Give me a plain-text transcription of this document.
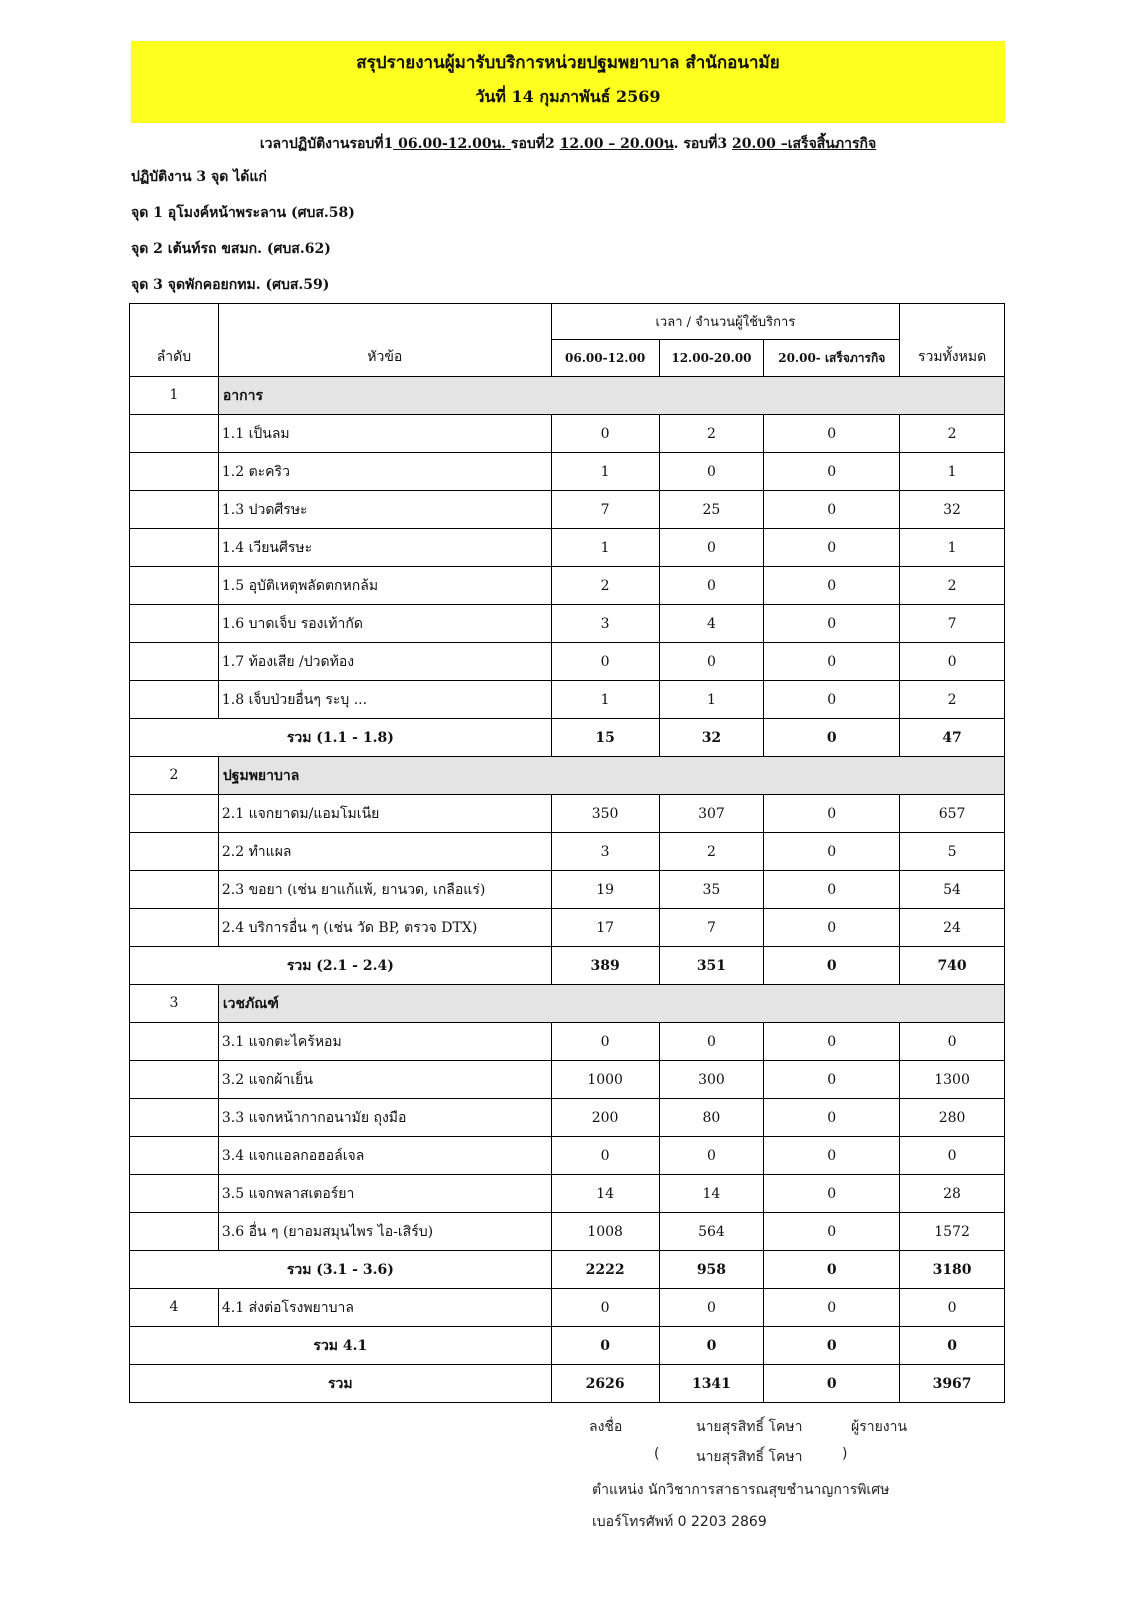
สรุปรายงานผู้มารับบริการหน่วยปฐมพยาบาล สำนักอนามัย
วันที่ 14 กุมภาพันธ์ 2569
เวลาปฏิบัติงานรอบที่1 06.00-12.00น. รอบที่2 12.00 – 20.00น. รอบที่3 20.00 –เสร็จสิ้นภารกิจ
ปฏิบัติงาน 3 จุด ได้แก่
จุด 1 อุโมงค์หน้าพระลาน (ศบส.58)
จุด 2 เต้นท์รถ ขสมก. (ศบส.62)
จุด 3 จุดพักคอยกทม. (ศบส.59)
ลำดับ	หัวข้อ	เวลา / จำนวนผู้ใช้บริการ			รวมทั้งหมด
		06.00-12.00	12.00-20.00	20.00- เสร็จภารกิจ	
1	อาการ				
	1.1 เป็นลม	0	2	0	2
	1.2 ตะคริว	1	0	0	1
	1.3 ปวดศีรษะ	7	25	0	32
	1.4 เวียนศีรษะ	1	0	0	1
	1.5 อุบัติเหตุพลัดตกหกล้ม	2	0	0	2
	1.6 บาดเจ็บ รองเท้ากัด	3	4	0	7
	1.7 ท้องเสีย /ปวดท้อง	0	0	0	0
	1.8 เจ็บป่วยอื่นๆ ระบุ ...	1	1	0	2
รวม (1.1 - 1.8)		15	32	0	47
2	ปฐมพยาบาล				
	2.1 แจกยาดม/แอมโมเนีย	350	307	0	657
	2.2 ทำแผล	3	2	0	5
	2.3 ขอยา (เช่น ยาแก้แพ้, ยานวด, เกลือแร่)	19	35	0	54
	2.4 บริการอื่น ๆ (เช่น วัด BP, ตรวจ DTX)	17	7	0	24
รวม (2.1 - 2.4)		389	351	0	740
3	เวชภัณฑ์				
	3.1 แจกตะไคร้หอม	0	0	0	0
	3.2 แจกผ้าเย็น	1000	300	0	1300
	3.3 แจกหน้ากากอนามัย ถุงมือ	200	80	0	280
	3.4 แจกแอลกอฮอล์เจล	0	0	0	0
	3.5 แจกพลาสเตอร์ยา	14	14	0	28
	3.6 อื่น ๆ (ยาอมสมุนไพร ไอ-เสิร์บ)	1008	564	0	1572
รวม (3.1 - 3.6)		2222	958	0	3180
4	4.1 ส่งต่อโรงพยาบาล	0	0	0	0
รวม 4.1		0	0	0	0
รวม		2626	1341	0	3967
ลงชื่อ	นายสุรสิทธิ์ โคษา	ผู้รายงาน
(	นายสุรสิทธิ์ โคษา	)
ตำแหน่ง นักวิชาการสาธารณสุขชำนาญการพิเศษ
เบอร์โทรศัพท์ 0 2203 2869
